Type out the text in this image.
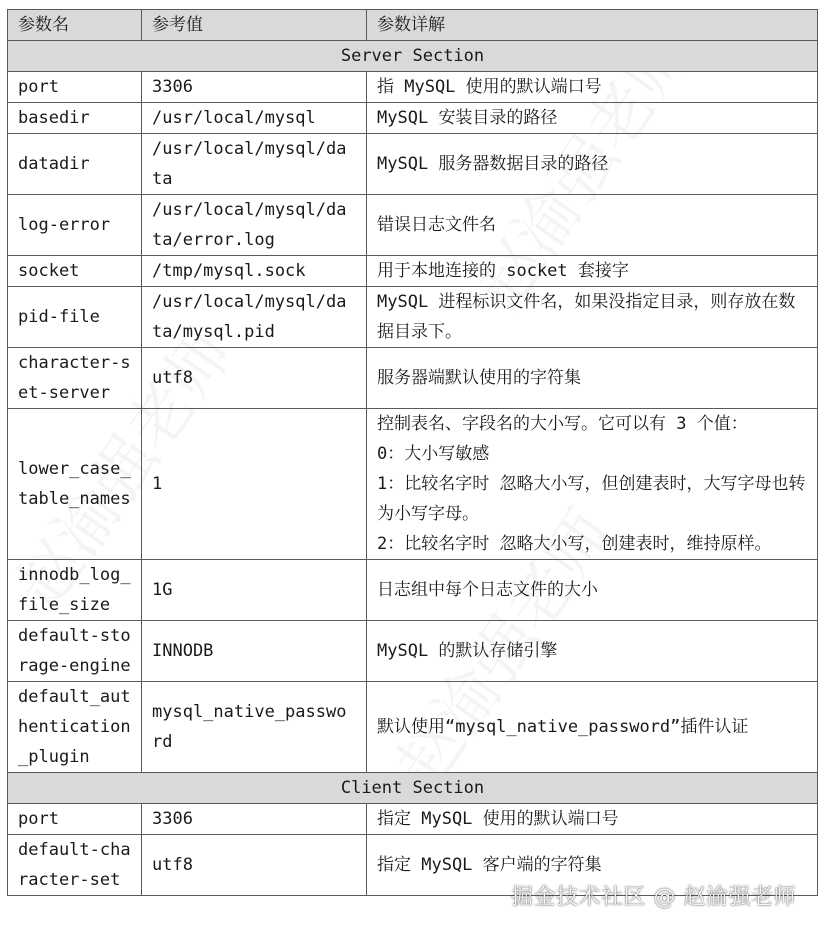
参数名	参考值	参数详解
Server Section		
port	3306	指 MySQL 使用的默认端口号

basedir	/usr/local/mysql	MySQL 安装目录的路径

datadir	/usr/local/mysql/data	MySQL 服务器数据目录的路径

log-error	/usr/local/mysql/data/error.log	错误日志文件名

socket	/tmp/mysql.sock	用于本地连接的 socket 套接字

pid-file	/usr/local/mysql/data/mysql.pid	MySQL 进程标识文件名，如果没指定目录，则存放在数据目录下。

character-set-server	utf8	服务器端默认使用的字符集

lower_case_table_names	1	控制表名、字段名的大小写。它可以有 3 个值：
0：大小写敏感
1：比较名字时 忽略大小写，但创建表时，大写字母也转为小写字母。
2：比较名字时 忽略大小写，创建表时，维持原样。

innodb_log_file_size	1G	日志组中每个日志文件的大小

default-storage-engine	INNODB	MySQL 的默认存储引擎

default_authentication_plugin	mysql_native_password	默认使用“mysql_native_password”插件认证

Client Section		
port	3306	指定 MySQL 使用的默认端口号

default-character-set	utf8	指定 MySQL 客户端的字符集
掘金技术社区 @ 赵渝强老师
